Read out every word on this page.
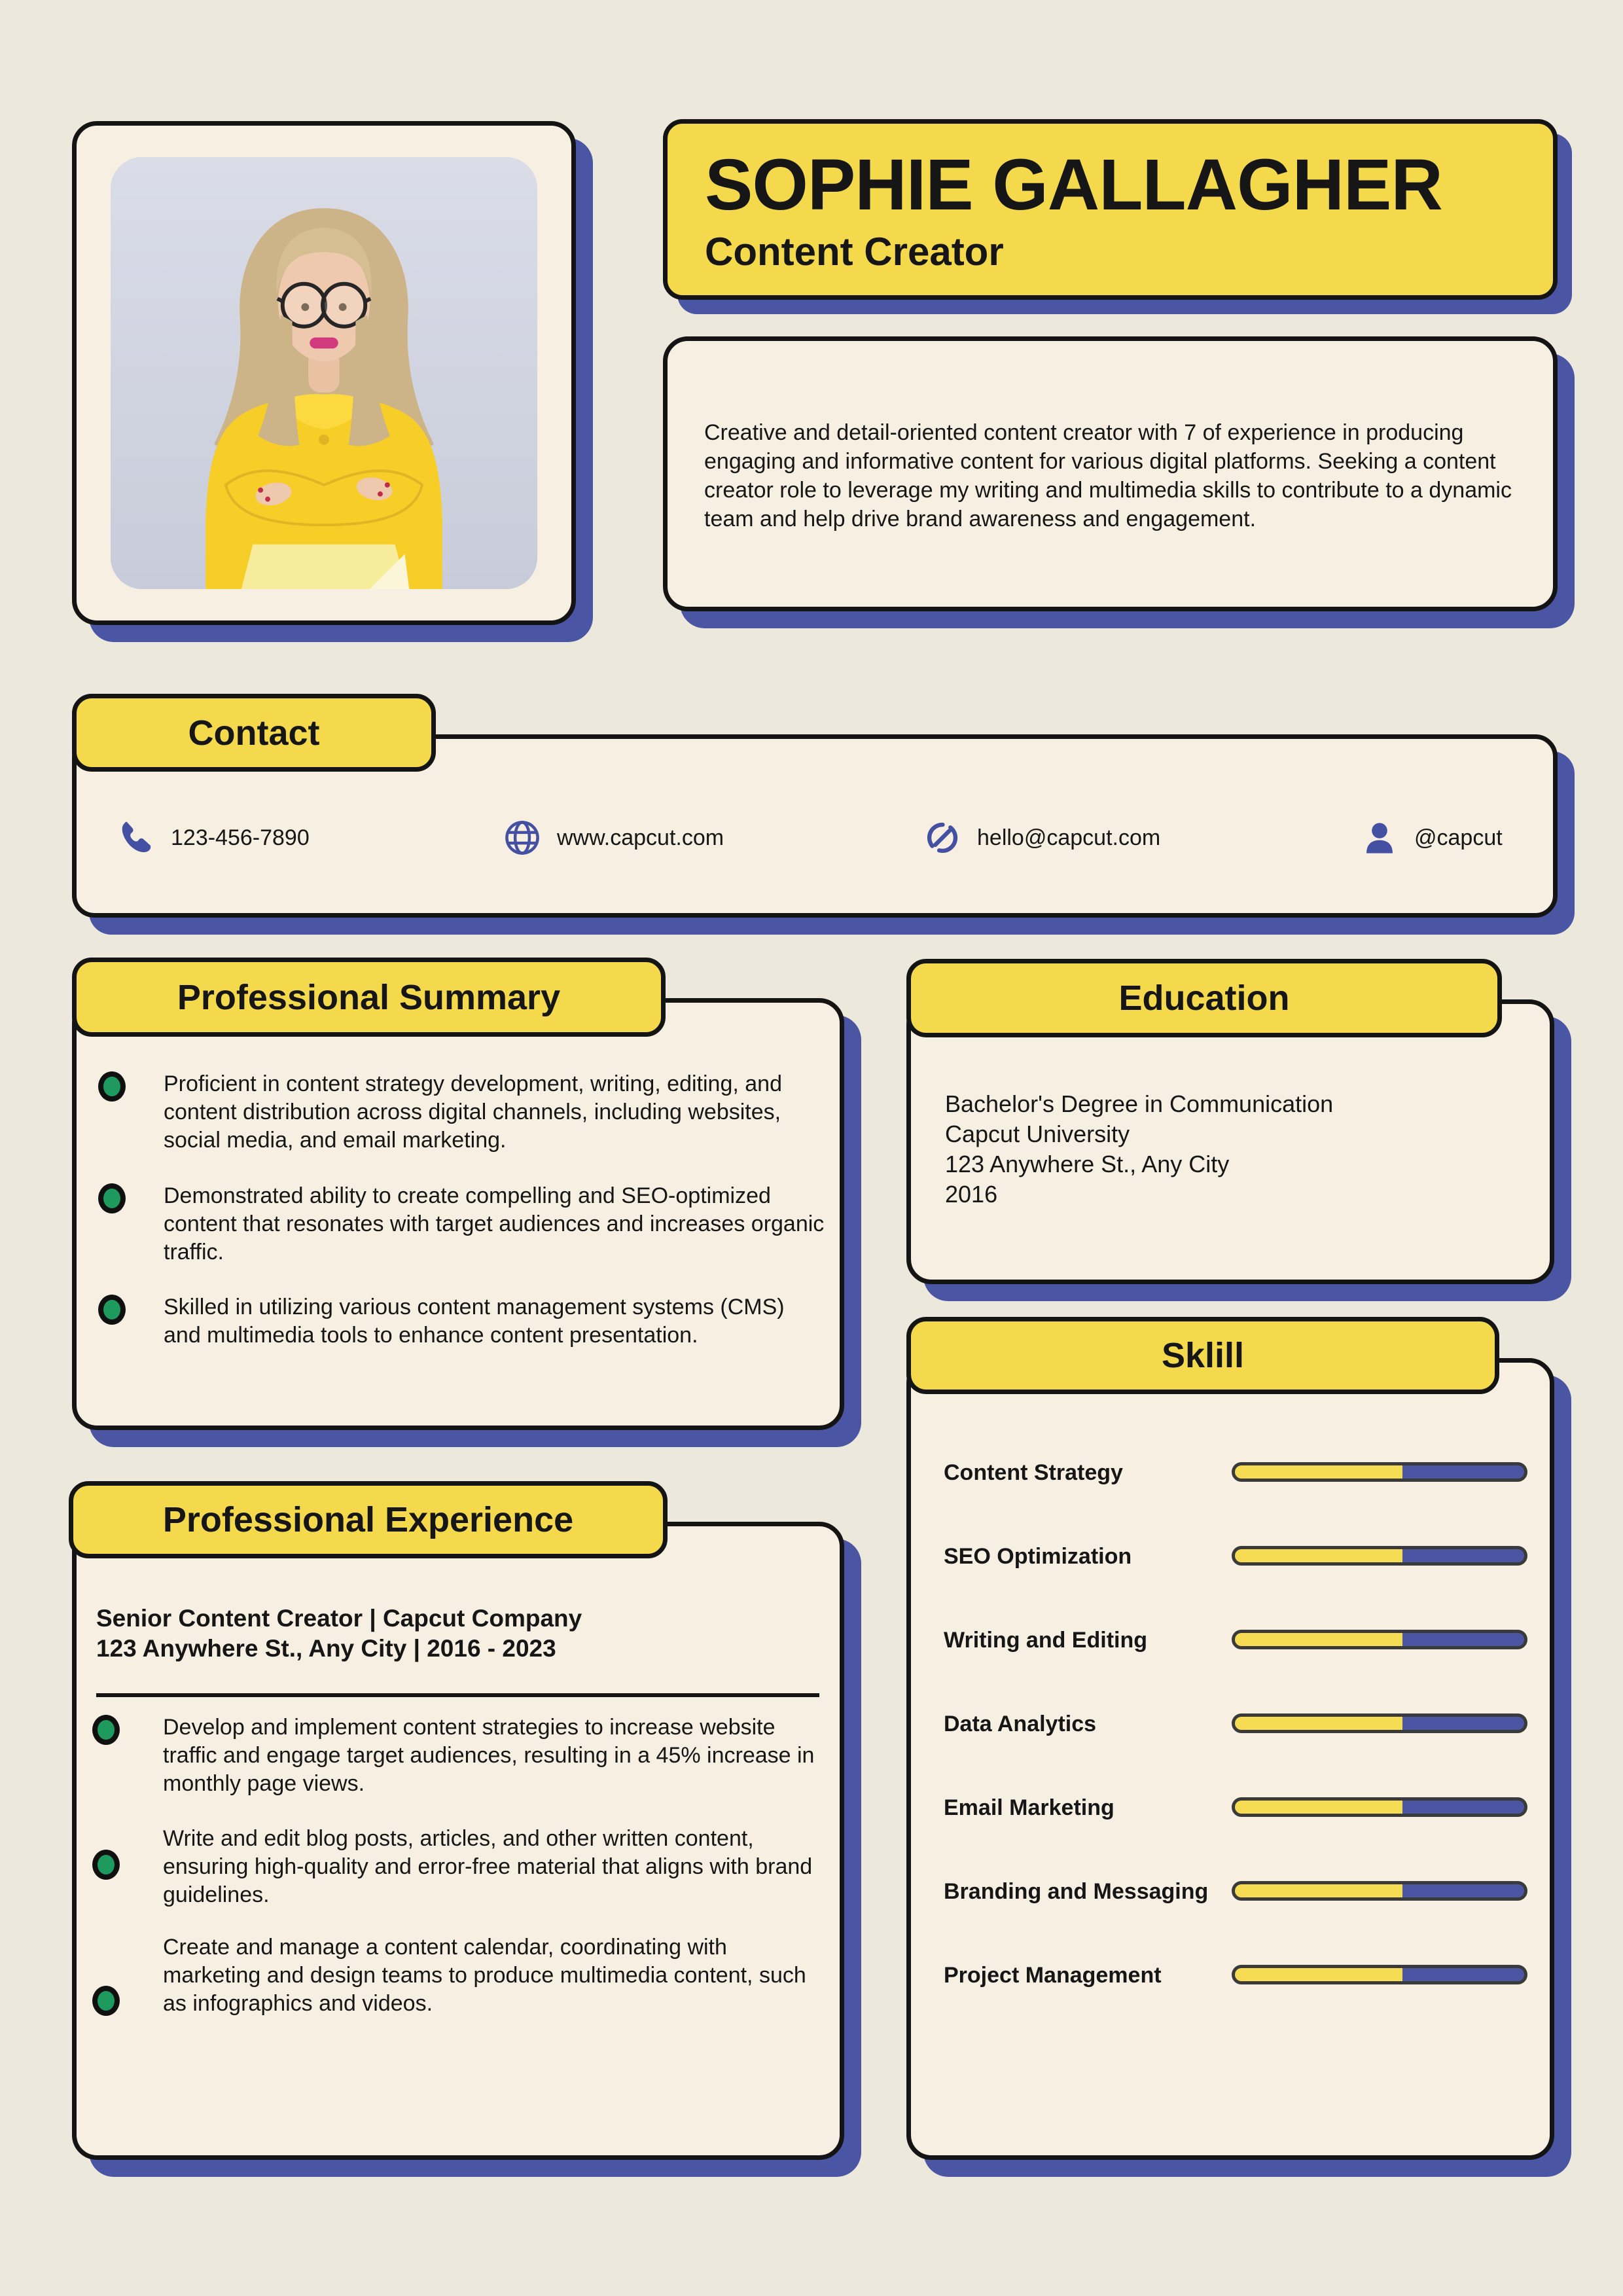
SOPHIE GALLAGHER
Content Creator
Creative and detail-oriented content creator with 7 of experience in producing engaging and informative content for various digital platforms. Seeking a content creator role to leverage my writing and multimedia skills to contribute to a dynamic team and help drive brand awareness and engagement.
123-456-7890	www.capcut.com	hello@capcut.com	@capcut
Contact
Professional Summary
Proficient in content strategy development, writing, editing, and content distribution across digital channels, including websites, social media, and email marketing.
Demonstrated ability to create compelling and SEO-optimized content that resonates with target audiences and increases organic traffic.
Skilled in utilizing various content management systems (CMS) and multimedia tools to enhance content presentation.
Bachelor's Degree in Communication
Capcut University
123 Anywhere St., Any City
2016
Education
Content Strategy
SEO Optimization
Writing and Editing
Data Analytics
Email Marketing
Branding and Messaging
Project Management
Sklill
Senior Content Creator | Capcut Company
123 Anywhere St., Any City | 2016 - 2023
Develop and implement content strategies to increase website traffic and engage target audiences, resulting in a 45% increase in monthly page views.
Write and edit blog posts, articles, and other written content, ensuring high-quality and error-free material that aligns with brand guidelines.
Create and manage a content calendar, coordinating with marketing and design teams to produce multimedia content, such as infographics and videos.
Professional Experience
